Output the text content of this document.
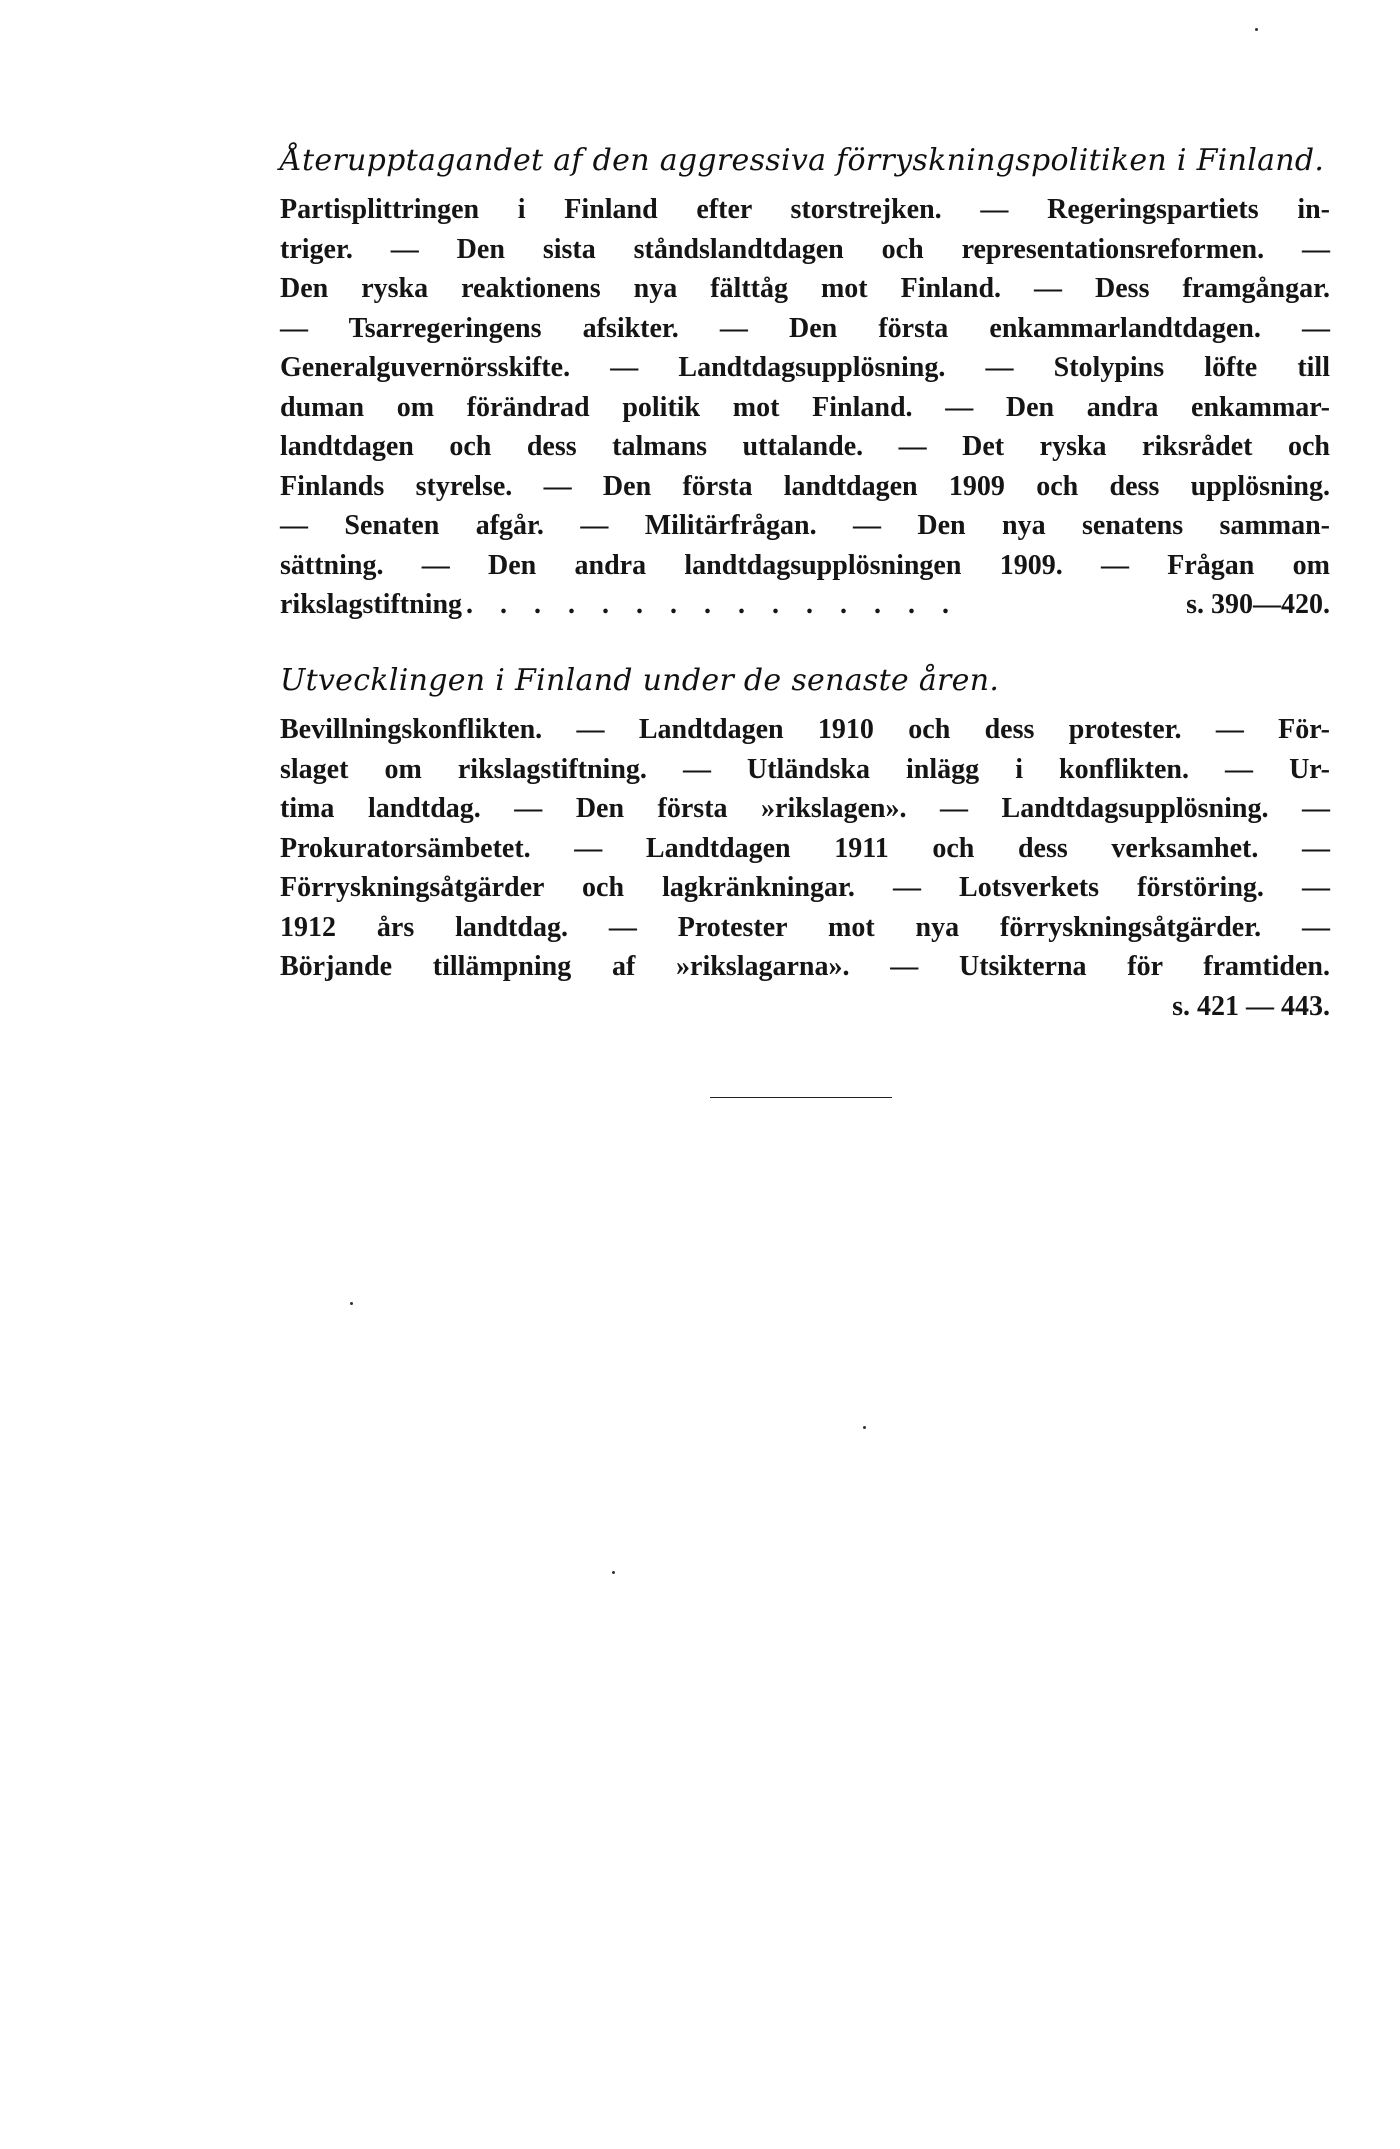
Återupptagandet af den aggressiva förryskningspolitiken i Finland.
Partisplittringen i Finland efter storstrejken. — Regeringspartiets in-
triger. — Den sista ståndslandtdagen och representationsreformen. —
Den ryska reaktionens nya fälttåg mot Finland. — Dess framgångar.
— Tsarregeringens afsikter. — Den första enkammarlandtdagen. —
Generalguvernörsskifte. — Landtdagsupplösning. — Stolypins löfte till
duman om förändrad politik mot Finland. — Den andra enkammar-
landtdagen och dess talmans uttalande. — Det ryska riksrådet och
Finlands styrelse. — Den första landtdagen 1909 och dess upplösning.
— Senaten afgår. — Militärfrågan. — Den nya senatens samman-
sättning. — Den andra landtdagsupplösningen 1909. — Frågan om
rikslagstiftning . . . . . . . . . . . . . . .	s. 390—420.
Utvecklingen i Finland under de senaste åren.
Bevillningskonflikten. — Landtdagen 1910 och dess protester. — För-
slaget om rikslagstiftning. — Utländska inlägg i konflikten. — Ur-
tima landtdag. — Den första »rikslagen». — Landtdagsupplösning. —
Prokuratorsämbetet. — Landtdagen 1911 och dess verksamhet. —
Förryskningsåtgärder och lagkränkningar. — Lotsverkets förstöring. —
1912 års landtdag. — Protester mot nya förryskningsåtgärder. —
Börjande tillämpning af »rikslagarna». — Utsikterna för framtiden.
s. 421 — 443.
